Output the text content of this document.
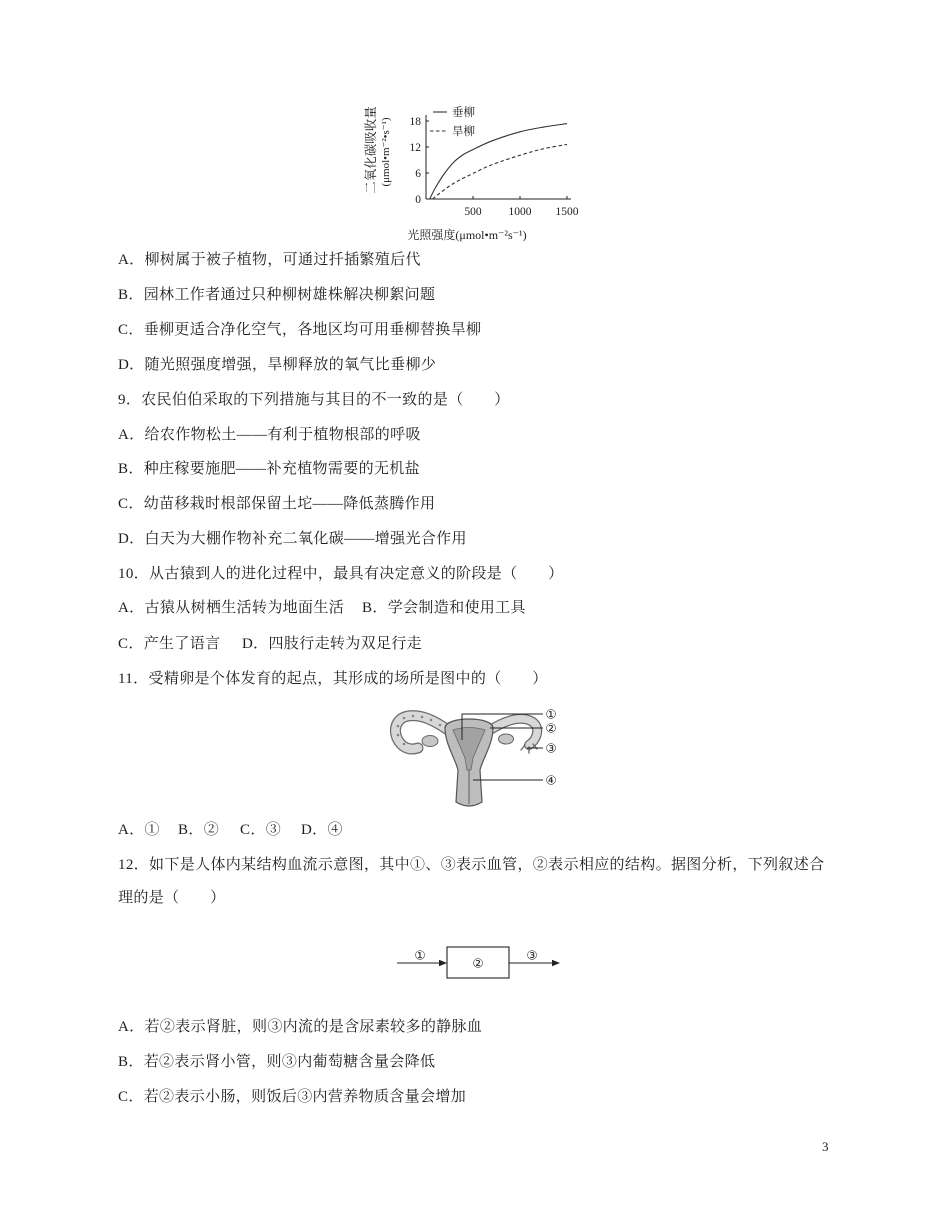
0
6
12
18
500 1000 1500
垂柳
旱柳
二氧化碳吸收量 (μmol•m⁻²•s⁻¹)
光照强度(μmol•m⁻²s⁻¹)
A．柳树属于被子植物，可通过扦插繁殖后代
B．园林工作者通过只种柳树雄株解决柳絮问题
C．垂柳更适合净化空气，各地区均可用垂柳替换旱柳
D．随光照强度增强，旱柳释放的氧气比垂柳少
9．农民伯伯采取的下列措施与其目的不一致的是（　　）
A．给农作物松土——有利于植物根部的呼吸
B．种庄稼要施肥——补充植物需要的无机盐
C．幼苗移栽时根部保留土坨——降低蒸腾作用
D．白天为大棚作物补充二氧化碳——增强光合作用
10．从古猿到人的进化过程中，最具有决定意义的阶段是（　　）
A．古猿从树栖生活转为地面生活 B．学会制造和使用工具
C．产生了语言 D．四肢行走转为双足行走
11．受精卵是个体发育的起点，其形成的场所是图中的（　　）
①
②
③
④
A．① B．② C．③ D．④
12．如下是人体内某结构血流示意图，其中①、③表示血管，②表示相应的结构。据图分析，下列叙述合
理的是（　　）
①
②
③
A．若②表示肾脏，则③内流的是含尿素较多的静脉血
B．若②表示肾小管，则③内葡萄糖含量会降低
C．若②表示小肠，则饭后③内营养物质含量会增加
3
